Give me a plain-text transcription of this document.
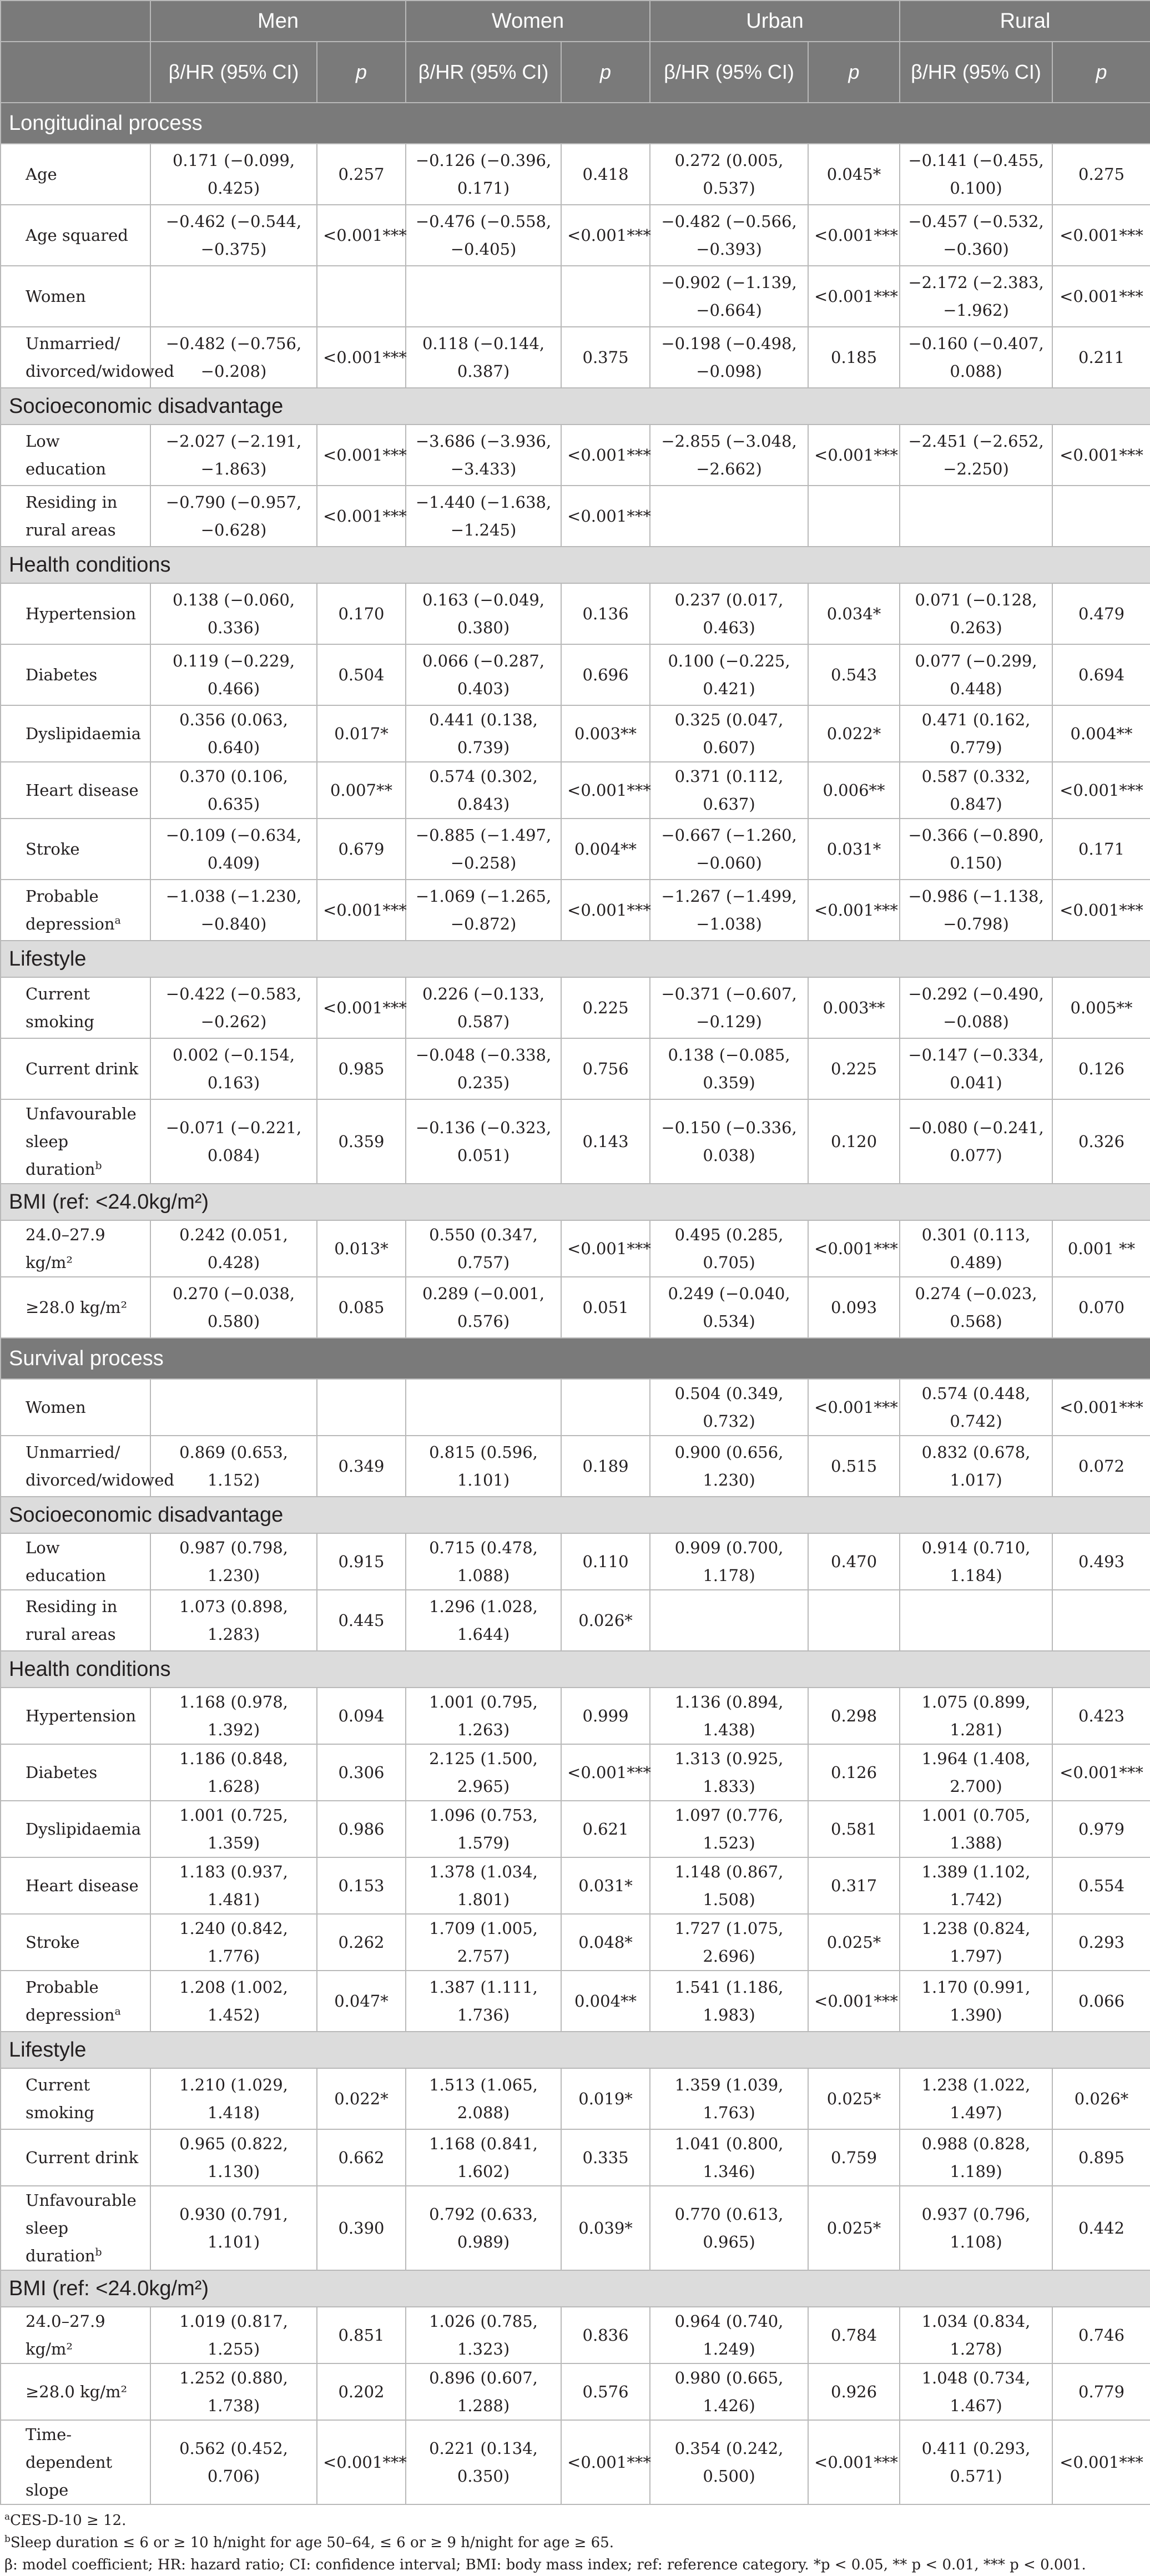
	Men		Women		Urban		Rural	
	β/HR (95% CI)	p	β/HR (95% CI)	p	β/HR (95% CI)	p	β/HR (95% CI)	p
Longitudinal process								
Age	0.171 (−0.099, 0.425)	0.257	−0.126 (−0.396, 0.171)	0.418	0.272 (0.005, 0.537)	0.045*	−0.141 (−0.455, 0.100)	0.275
Age squared	−0.462 (−0.544, −0.375)	<0.001***	−0.476 (−0.558, −0.405)	<0.001***	−0.482 (−0.566, −0.393)	<0.001***	−0.457 (−0.532, −0.360)	<0.001***
Women					−0.902 (−1.139, −0.664)	<0.001***	−2.172 (−2.383, −1.962)	<0.001***
Unmarried/ divorced/widowed	−0.482 (−0.756, −0.208)	<0.001***	0.118 (−0.144, 0.387)	0.375	−0.198 (−0.498, −0.098)	0.185	−0.160 (−0.407, 0.088)	0.211
Socioeconomic disadvantage								
Low education	−2.027 (−2.191, −1.863)	<0.001***	−3.686 (−3.936, −3.433)	<0.001***	−2.855 (−3.048, −2.662)	<0.001***	−2.451 (−2.652, −2.250)	<0.001***
Residing in rural areas	−0.790 (−0.957, −0.628)	<0.001***	−1.440 (−1.638, −1.245)	<0.001***				
Health conditions								
Hypertension	0.138 (−0.060, 0.336)	0.170	0.163 (−0.049, 0.380)	0.136	0.237 (0.017, 0.463)	0.034*	0.071 (−0.128, 0.263)	0.479
Diabetes	0.119 (−0.229, 0.466)	0.504	0.066 (−0.287, 0.403)	0.696	0.100 (−0.225, 0.421)	0.543	0.077 (−0.299, 0.448)	0.694
Dyslipidaemia	0.356 (0.063, 0.640)	0.017*	0.441 (0.138, 0.739)	0.003**	0.325 (0.047, 0.607)	0.022*	0.471 (0.162, 0.779)	0.004**
Heart disease	0.370 (0.106, 0.635)	0.007**	0.574 (0.302, 0.843)	<0.001***	0.371 (0.112, 0.637)	0.006**	0.587 (0.332, 0.847)	<0.001***
Stroke	−0.109 (−0.634, 0.409)	0.679	−0.885 (−1.497, −0.258)	0.004**	−0.667 (−1.260, −0.060)	0.031*	−0.366 (−0.890, 0.150)	0.171
Probable depression$^a$	−1.038 (−1.230, −0.840)	<0.001***	−1.069 (−1.265, −0.872)	<0.001***	−1.267 (−1.499, −1.038)	<0.001***	−0.986 (−1.138, −0.798)	<0.001***
Lifestyle								
Current smoking	−0.422 (−0.583, −0.262)	<0.001***	0.226 (−0.133, 0.587)	0.225	−0.371 (−0.607, −0.129)	0.003**	−0.292 (−0.490, −0.088)	0.005**
Current drink	0.002 (−0.154, 0.163)	0.985	−0.048 (−0.338, 0.235)	0.756	0.138 (−0.085, 0.359)	0.225	−0.147 (−0.334, 0.041)	0.126
Unfavourable sleep duration$^b$	−0.071 (−0.221, 0.084)	0.359	−0.136 (−0.323, 0.051)	0.143	−0.150 (−0.336, 0.038)	0.120	−0.080 (−0.241, 0.077)	0.326
BMI (ref: <24.0kg/m²)								
24.0–27.9 kg/m²	0.242 (0.051, 0.428)	0.013*	0.550 (0.347, 0.757)	<0.001***	0.495 (0.285, 0.705)	<0.001***	0.301 (0.113, 0.489)	0.001 **
≥28.0 kg/m²	0.270 (−0.038, 0.580)	0.085	0.289 (−0.001, 0.576)	0.051	0.249 (−0.040, 0.534)	0.093	0.274 (−0.023, 0.568)	0.070
Survival process								
Women					0.504 (0.349, 0.732)	<0.001***	0.574 (0.448, 0.742)	<0.001***
Unmarried/ divorced/widowed	0.869 (0.653, 1.152)	0.349	0.815 (0.596, 1.101)	0.189	0.900 (0.656, 1.230)	0.515	0.832 (0.678, 1.017)	0.072
Socioeconomic disadvantage								
Low education	0.987 (0.798, 1.230)	0.915	0.715 (0.478, 1.088)	0.110	0.909 (0.700, 1.178)	0.470	0.914 (0.710, 1.184)	0.493
Residing in rural areas	1.073 (0.898, 1.283)	0.445	1.296 (1.028, 1.644)	0.026*				
Health conditions								
Hypertension	1.168 (0.978, 1.392)	0.094	1.001 (0.795, 1.263)	0.999	1.136 (0.894, 1.438)	0.298	1.075 (0.899, 1.281)	0.423
Diabetes	1.186 (0.848, 1.628)	0.306	2.125 (1.500, 2.965)	<0.001***	1.313 (0.925, 1.833)	0.126	1.964 (1.408, 2.700)	<0.001***
Dyslipidaemia	1.001 (0.725, 1.359)	0.986	1.096 (0.753, 1.579)	0.621	1.097 (0.776, 1.523)	0.581	1.001 (0.705, 1.388)	0.979
Heart disease	1.183 (0.937, 1.481)	0.153	1.378 (1.034, 1.801)	0.031*	1.148 (0.867, 1.508)	0.317	1.389 (1.102, 1.742)	0.554
Stroke	1.240 (0.842, 1.776)	0.262	1.709 (1.005, 2.757)	0.048*	1.727 (1.075, 2.696)	0.025*	1.238 (0.824, 1.797)	0.293
Probable depression$^a$	1.208 (1.002, 1.452)	0.047*	1.387 (1.111, 1.736)	0.004**	1.541 (1.186, 1.983)	<0.001***	1.170 (0.991, 1.390)	0.066
Lifestyle								
Current smoking	1.210 (1.029, 1.418)	0.022*	1.513 (1.065, 2.088)	0.019*	1.359 (1.039, 1.763)	0.025*	1.238 (1.022, 1.497)	0.026*
Current drink	0.965 (0.822, 1.130)	0.662	1.168 (0.841, 1.602)	0.335	1.041 (0.800, 1.346)	0.759	0.988 (0.828, 1.189)	0.895
Unfavourable sleep duration$^b$	0.930 (0.791, 1.101)	0.390	0.792 (0.633, 0.989)	0.039*	0.770 (0.613, 0.965)	0.025*	0.937 (0.796, 1.108)	0.442
BMI (ref: <24.0kg/m²)								
24.0–27.9 kg/m²	1.019 (0.817, 1.255)	0.851	1.026 (0.785, 1.323)	0.836	0.964 (0.740, 1.249)	0.784	1.034 (0.834, 1.278)	0.746
≥28.0 kg/m²	1.252 (0.880, 1.738)	0.202	0.896 (0.607, 1.288)	0.576	0.980 (0.665, 1.426)	0.926	1.048 (0.734, 1.467)	0.779
Time-dependent slope	0.562 (0.452, 0.706)	<0.001***	0.221 (0.134, 0.350)	<0.001***	0.354 (0.242, 0.500)	<0.001***	0.411 (0.293, 0.571)	<0.001***
$^a$CES-D-10 ≥ 12.
$^b$Sleep duration ≤ 6 or ≥ 10 h/night for age 50–64, ≤ 6 or ≥ 9 h/night for age ≥ 65.
β: model coefficient; HR: hazard ratio; CI: confidence interval; BMI: body mass index; ref: reference category. *p < 0.05, ** p < 0.01, *** p < 0.001.
